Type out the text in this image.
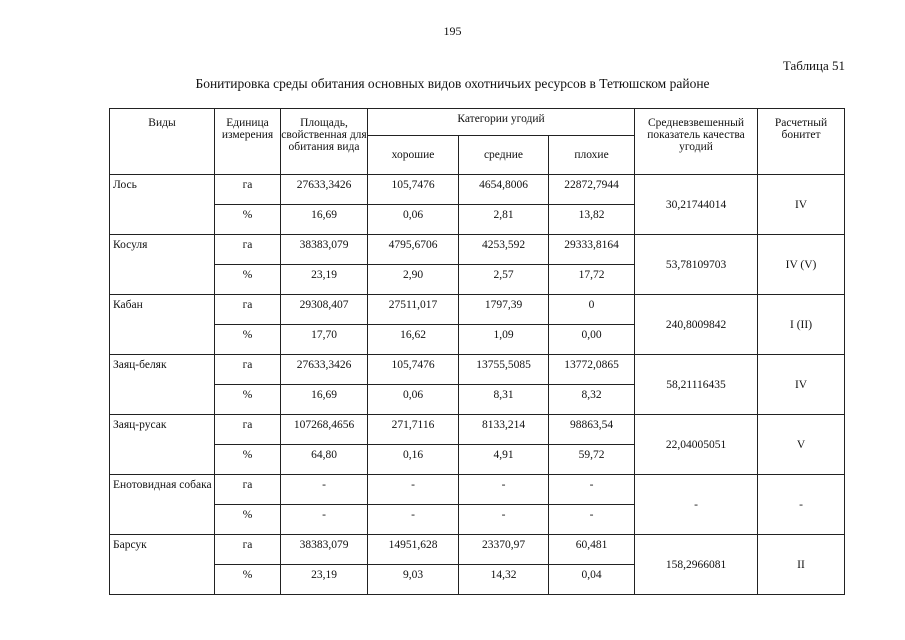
195
Таблица 51
Бонитировка среды обитания основных видов охотничьих ресурсов в Тетюшском районе
Виды	Единица измерения	Площадь, свойственная для обитания вида	Категории угодий			Средневзвешенный показатель качества угодий	Расчетный бонитет
			хорошие	средние	плохие		
Лось	га	27633,3426	105,7476	4654,8006	22872,7944	30,21744014	IV
	%	16,69	0,06	2,81	13,82		
Косуля	га	38383,079	4795,6706	4253,592	29333,8164	53,78109703	IV (V)
	%	23,19	2,90	2,57	17,72		
Кабан	га	29308,407	27511,017	1797,39	0	240,8009842	I (II)
	%	17,70	16,62	1,09	0,00		
Заяц-беляк	га	27633,3426	105,7476	13755,5085	13772,0865	58,21116435	IV
	%	16,69	0,06	8,31	8,32		
Заяц-русак	га	107268,4656	271,7116	8133,214	98863,54	22,04005051	V
	%	64,80	0,16	4,91	59,72		
Енотовидная собака	га	-	-	-	-	-	-
	%	-	-	-	-		
Барсук	га	38383,079	14951,628	23370,97	60,481	158,2966081	II
	%	23,19	9,03	14,32	0,04		
